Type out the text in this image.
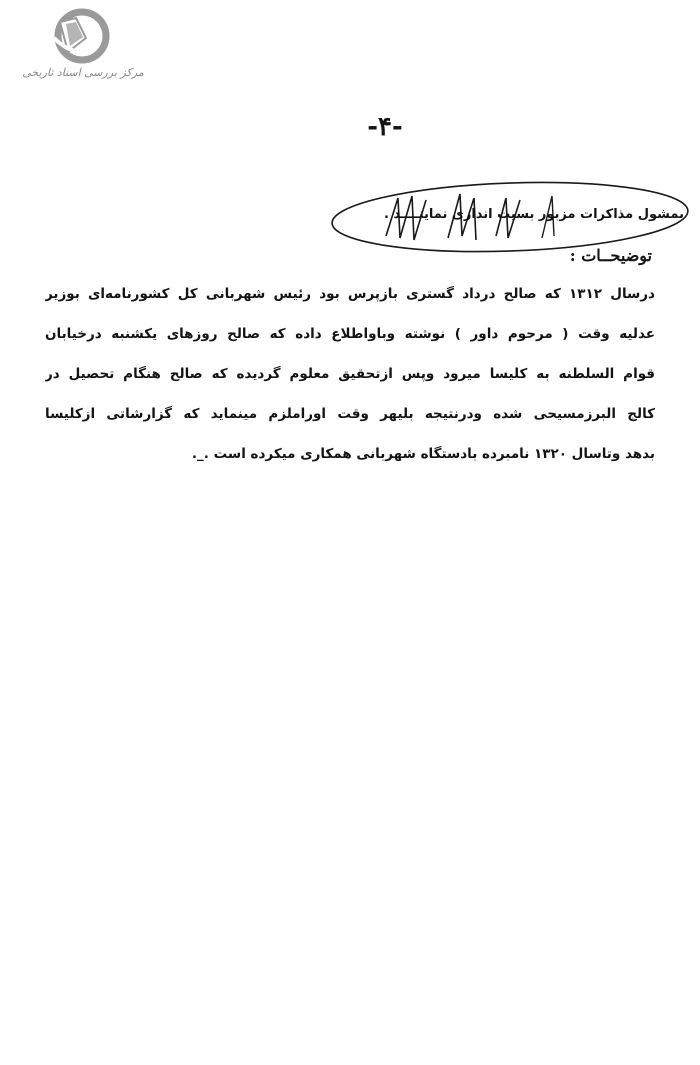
مرکز بررسی اسناد تاریخی
-۴-
بمشول مذاکرات مزبور بسیت اندازی نماینــــد .
توضیحــات :
درسال ۱۳۱۲ که صالح درداد گستری بازپرس بود رئیس شهربانی کل کشورنامه‌ای بوزیر
عدلیه وقت ( مرحوم داور ) نوشته وباواطلاع داده که صالح روزهای یکشنبه درخیابان
قوام السلطنه به کلیسا میرود وپس ازتحقیق معلوم گردیده که صالح هنگام تحصیل در
کالج البرزمسیحی شده ودرنتیجه بلیهر وقت اوراملزم مینماید که گزارشاتی ازکلیسا
بدهد وتاسال ۱۳۲۰ نامبرده بادستگاه شهربانی همکاری میکرده است ._.
